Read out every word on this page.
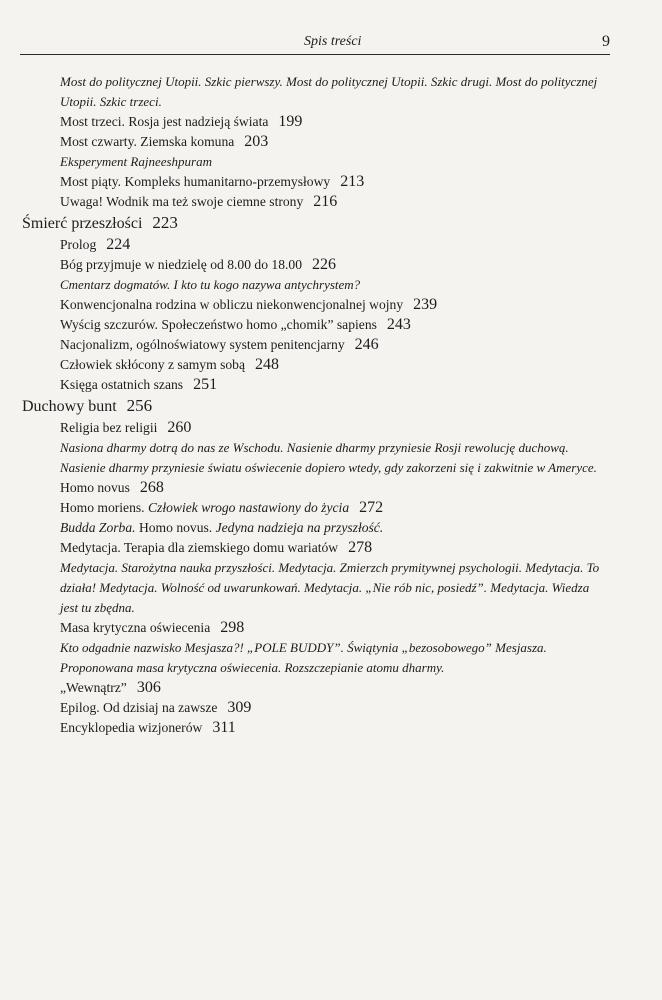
Spis treści	9
Most do politycznej Utopii. Szkic pierwszy. Most do politycznej Utopii. Szkic drugi. Most do politycznej Utopii. Szkic trzeci.
Most trzeci. Rosja jest nadzieją świata 199
Most czwarty. Ziemska komuna 203
Eksperyment Rajneeshpuram
Most piąty. Kompleks humanitarno-przemysłowy 213
Uwaga! Wodnik ma też swoje ciemne strony 216
Śmierć przeszłości 223
Prolog 224
Bóg przyjmuje w niedzielę od 8.00 do 18.00 226
Cmentarz dogmatów. I kto tu kogo nazywa antychrystem?
Konwencjonalna rodzina w obliczu niekonwencjonalnej wojny 239
Wyścig szczurów. Społeczeństwo homo „chomik” sapiens 243
Nacjonalizm, ogólnoświatowy system penitencjarny 246
Człowiek skłócony z samym sobą 248
Księga ostatnich szans 251
Duchowy bunt 256
Religia bez religii 260
Nasiona dharmy dotrą do nas ze Wschodu. Nasienie dharmy przyniesie Rosji rewolucję duchową. Nasienie dharmy przyniesie światu oświecenie dopiero wtedy, gdy zakorzeni się i zakwitnie w Ameryce.
Homo novus 268
Homo moriens. Człowiek wrogo nastawiony do życia 272
Budda Zorba. Homo novus. Jedyna nadzieja na przyszłość.
Medytacja. Terapia dla ziemskiego domu wariatów 278
Medytacja. Starożytna nauka przyszłości. Medytacja. Zmierzch prymitywnej psychologii. Medytacja. To działa! Medytacja. Wolność od uwarunkowań. Medytacja. „Nie rób nic, posiedź”. Medytacja. Wiedza jest tu zbędna.
Masa krytyczna oświecenia 298
Kto odgadnie nazwisko Mesjasza?! „POLE BUDDY”. Świątynia „bezosobowego” Mesjasza. Proponowana masa krytyczna oświecenia. Rozszczepianie atomu dharmy.
„Wewnątrz” 306
Epilog. Od dzisiaj na zawsze 309
Encyklopedia wizjonerów 311
